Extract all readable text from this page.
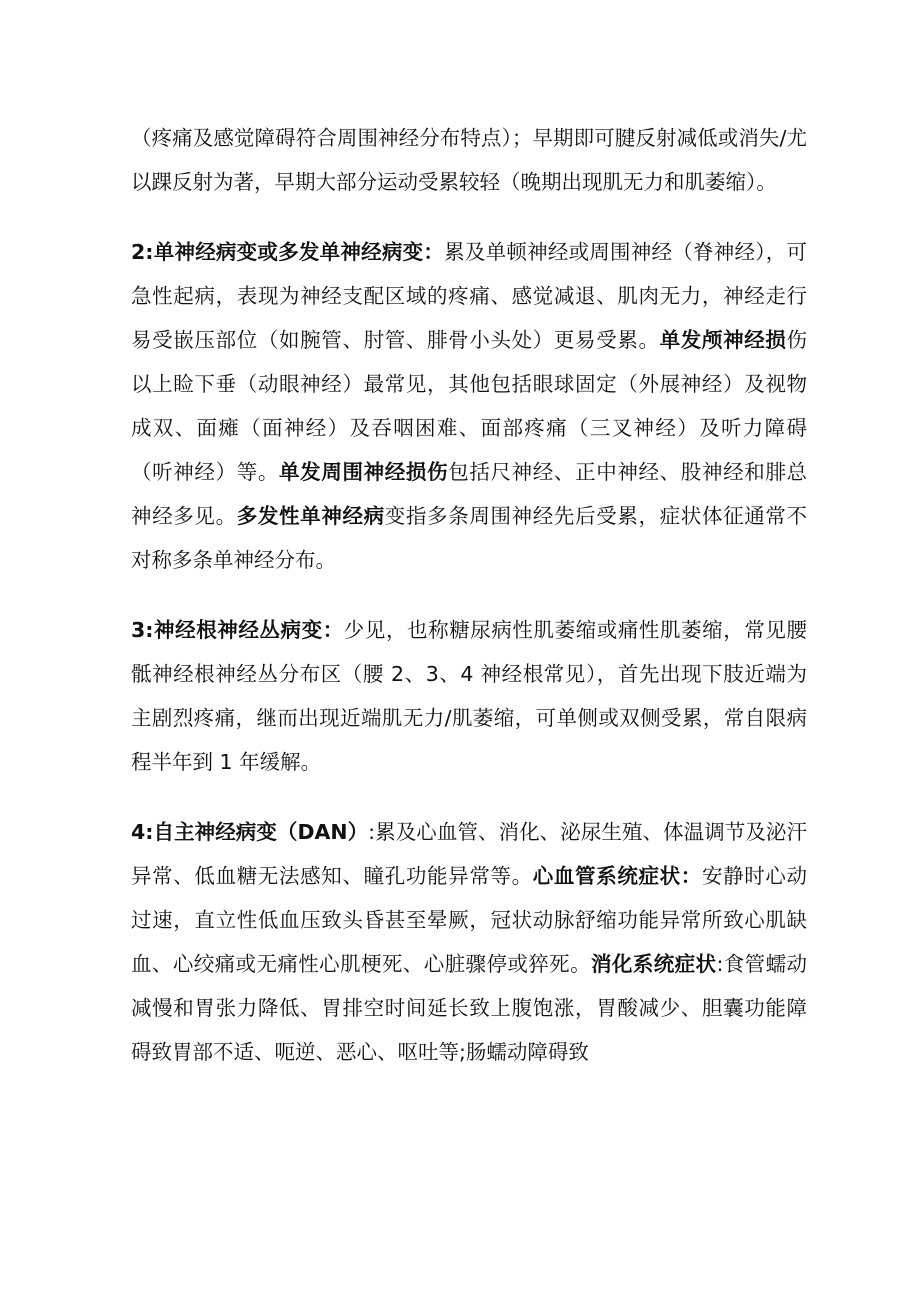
（疼痛及感觉障碍符合周围神经分布特点）；早期即可腱反射减低或消失/尤以踝反射为著，早期大部分运动受累较轻（晚期出现肌无力和肌萎缩）。

2:单神经病变或多发单神经病变：累及单顿神经或周围神经（脊神经），可急性起病，表现为神经支配区域的疼痛、感觉减退、肌肉无力，神经走行易受嵌压部位（如腕管、肘管、腓骨小头处）更易受累。单发颅神经损伤以上睑下垂（动眼神经）最常见，其他包括眼球固定（外展神经）及视物成双、面瘫（面神经）及吞咽困难、面部疼痛（三叉神经）及听力障碍（听神经）等。单发周围神经损伤包括尺神经、正中神经、股神经和腓总神经多见。多发性单神经病变指多条周围神经先后受累，症状体征通常不对称多条单神经分布。

3:神经根神经丛病变：少见，也称糖尿病性肌萎缩或痛性肌萎缩，常见腰骶神经根神经丛分布区（腰 2、3、4 神经根常见），首先出现下肢近端为主剧烈疼痛，继而出现近端肌无力/肌萎缩，可单侧或双侧受累，常自限病程半年到 1 年缓解。

4:自主神经病变（DAN）:累及心血管、消化、泌尿生殖、体温调节及泌汗异常、低血糖无法感知、瞳孔功能异常等。心血管系统症状：安静时心动过速，直立性低血压致头昏甚至晕厥，冠状动脉舒缩功能异常所致心肌缺血、心绞痛或无痛性心肌梗死、心脏骤停或猝死。消化系统症状:食管蠕动减慢和胃张力降低、胃排空时间延长致上腹饱涨，胃酸减少、胆囊功能障碍致胃部不适、呃逆、恶心、呕吐等;肠蠕动障碍致
